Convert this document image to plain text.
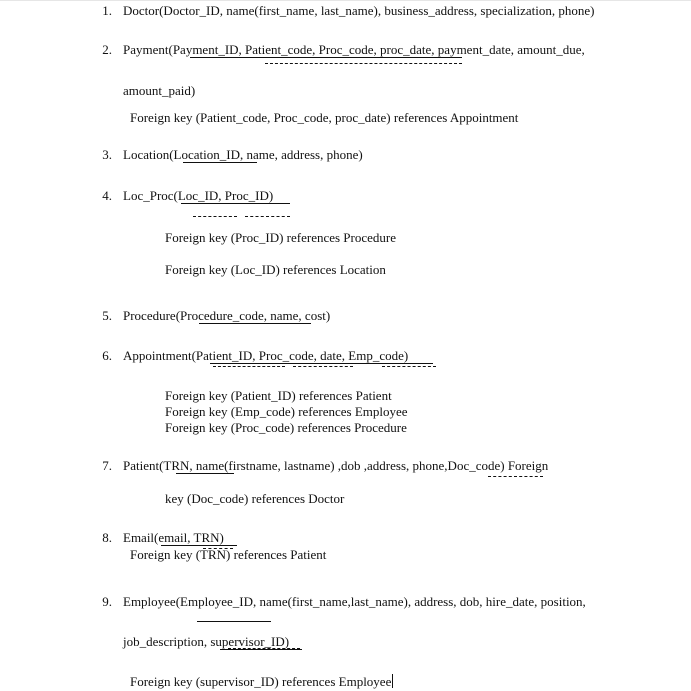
1. Doctor(Doctor_ID, name(first_name, last_name), business_address, specialization, phone)
2. Payment(Payment_ID, Patient_code, Proc_code, proc_date, payment_date, amount_due,
amount_paid)
Foreign key (Patient_code, Proc_code, proc_date) references Appointment
3. Location(Location_ID, name, address, phone)
4. Loc_Proc(Loc_ID, Proc_ID)
Foreign key (Proc_ID) references Procedure
Foreign key (Loc_ID) references Location
5. Procedure(Procedure_code, name, cost)
6. Appointment(Patient_ID, Proc_code, date, Emp_code)
Foreign key (Patient_ID) references Patient
Foreign key (Emp_code) references Employee
Foreign key (Proc_code) references Procedure
7. Patient(TRN, name(firstname, lastname) ,dob ,address, phone,Doc_code) Foreign
key (Doc_code) references Doctor
8. Email(email, TRN)
Foreign key (TRN) references Patient
9. Employee(Employee_ID, name(first_name,last_name), address, dob, hire_date, position,
job_description, supervisor_ID)
Foreign key (supervisor_ID) references Employee
